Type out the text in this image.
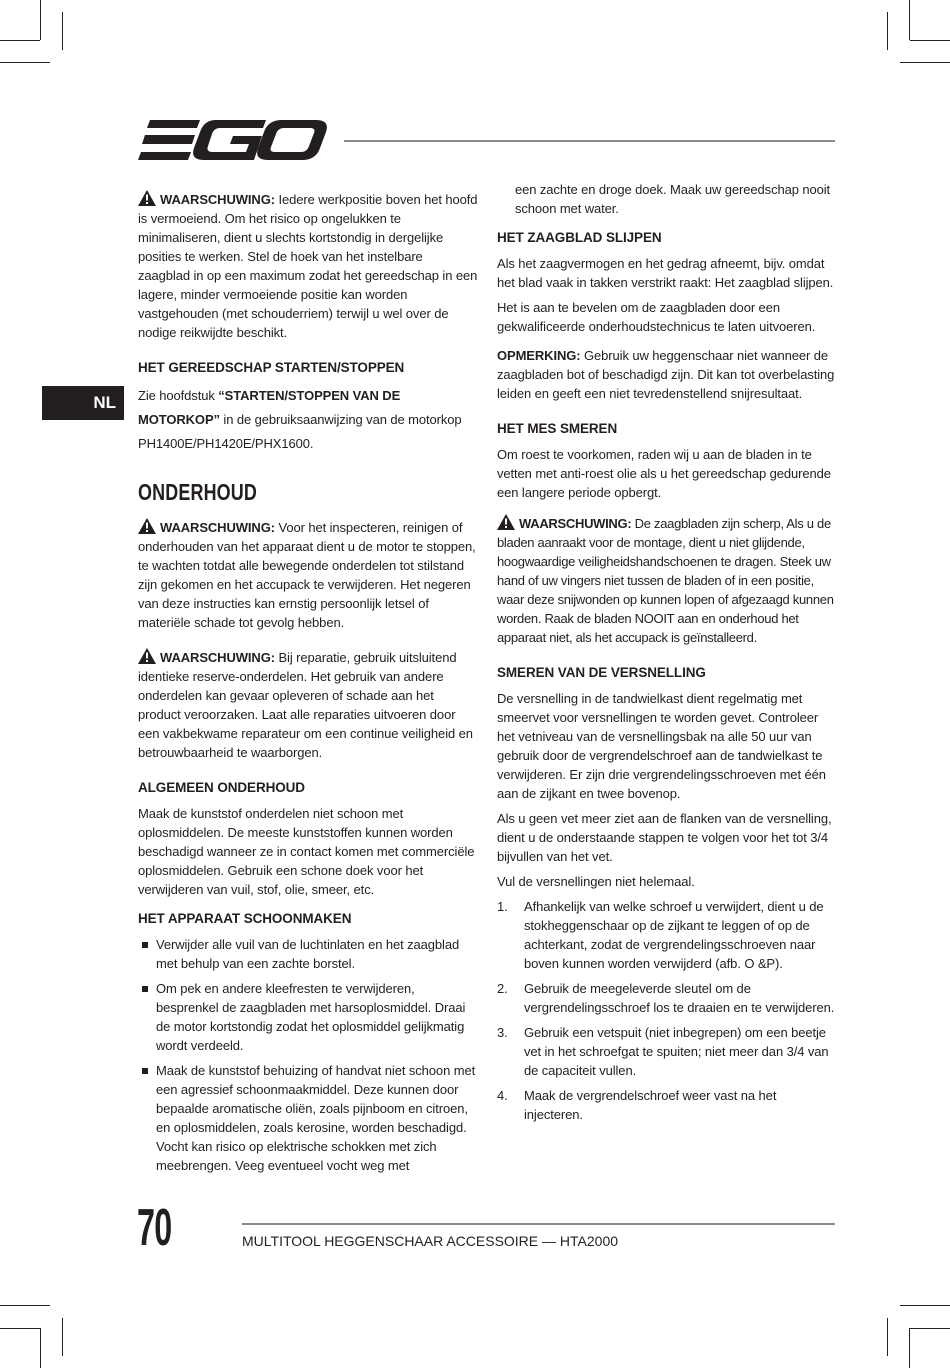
NL

WAARSCHUWING: Iedere werkpositie boven het hoofd is vermoeiend. Om het risico op ongelukken te minimaliseren, dient u slechts kortstondig in dergelijke posities te werken. Stel de hoek van het instelbare zaagblad in op een maximum zodat het gereedschap in een lagere, minder vermoeiende positie kan worden vastgehouden (met schouderriem) terwijl u wel over de nodige reikwijdte beschikt.

HET GEREEDSCHAP STARTEN/STOPPEN

Zie hoofdstuk “STARTEN/STOPPEN VAN DE MOTORKOP” in de gebruiksaanwijzing van de motorkop PH1400E/PH1420E/PHX1600.

ONDERHOUD

WAARSCHUWING: Voor het inspecteren, reinigen of onderhouden van het apparaat dient u de motor te stoppen, te wachten totdat alle bewegende onderdelen tot stilstand zijn gekomen en het accupack te verwijderen. Het negeren van deze instructies kan ernstig persoonlijk letsel of materiële schade tot gevolg hebben.

WAARSCHUWING: Bij reparatie, gebruik uitsluitend identieke reserve-onderdelen. Het gebruik van andere onderdelen kan gevaar opleveren of schade aan het product veroorzaken. Laat alle reparaties uitvoeren door een vakbekwame reparateur om een continue veiligheid en betrouwbaarheid te waarborgen.

ALGEMEEN ONDERHOUD

Maak de kunststof onderdelen niet schoon met oplosmiddelen. De meeste kunststoffen kunnen worden beschadigd wanneer ze in contact komen met commerciële oplosmiddelen. Gebruik een schone doek voor het verwijderen van vuil, stof, olie, smeer, etc.

HET APPARAAT SCHOONMAKEN
Verwijder alle vuil van de luchtinlaten en het zaagblad met behulp van een zachte borstel.
Om pek en andere kleefresten te verwijderen, besprenkel de zaagbladen met harsoplosmiddel. Draai de motor kortstondig zodat het oplosmiddel gelijkmatig wordt verdeeld.
Maak de kunststof behuizing of handvat niet schoon met een agressief schoonmaakmiddel. Deze kunnen door bepaalde aromatische oliën, zoals pijnboom en citroen, en oplosmiddelen, zoals kerosine, worden beschadigd. Vocht kan risico op elektrische schokken met zich meebrengen. Veeg eventueel vocht weg met

een zachte en droge doek. Maak uw gereedschap nooit schoon met water.

HET ZAAGBLAD SLIJPEN

Als het zaagvermogen en het gedrag afneemt, bijv. omdat het blad vaak in takken verstrikt raakt: Het zaagblad slijpen.

Het is aan te bevelen om de zaagbladen door een gekwalificeerde onderhoudstechnicus te laten uitvoeren.

OPMERKING: Gebruik uw heggenschaar niet wanneer de zaagbladen bot of beschadigd zijn. Dit kan tot overbelasting leiden en geeft een niet tevredenstellend snijresultaat.

HET MES SMEREN

Om roest te voorkomen, raden wij u aan de bladen in te vetten met anti-roest olie als u het gereedschap gedurende een langere periode opbergt.

WAARSCHUWING: De zaagbladen zijn scherp, Als u de bladen aanraakt voor de montage, dient u niet glijdende, hoogwaardige veiligheidshandschoenen te dragen. Steek uw hand of uw vingers niet tussen de bladen of in een positie, waar deze snijwonden op kunnen lopen of afgezaagd kunnen worden. Raak de bladen NOOIT aan en onderhoud het apparaat niet, als het accupack is geïnstalleerd.

SMEREN VAN DE VERSNELLING

De versnelling in de tandwielkast dient regelmatig met smeervet voor versnellingen te worden gevet. Controleer het vetniveau van de versnellingsbak na alle 50 uur van gebruik door de vergrendelschroef aan de tandwielkast te verwijderen. Er zijn drie vergrendelingsschroeven met één aan de zijkant en twee bovenop.

Als u geen vet meer ziet aan de flanken van de versnelling, dient u de onderstaande stappen te volgen voor het tot 3/4 bijvullen van het vet.

Vul de versnellingen niet helemaal.

1. Afhankelijk van welke schroef u verwijdert, dient u de stokheggenschaar op de zijkant te leggen of op de achterkant, zodat de vergrendelingsschroeven naar boven kunnen worden verwijderd (afb. O &P).
2. Gebruik de meegeleverde sleutel om de vergrendelingsschroef los te draaien en te verwijderen.
3. Gebruik een vetspuit (niet inbegrepen) om een beetje vet in het schroefgat te spuiten; niet meer dan 3/4 van de capaciteit vullen.
4. Maak de vergrendelschroef weer vast na het injecteren.
70	MULTITOOL HEGGENSCHAAR ACCESSOIRE — HTA2000
